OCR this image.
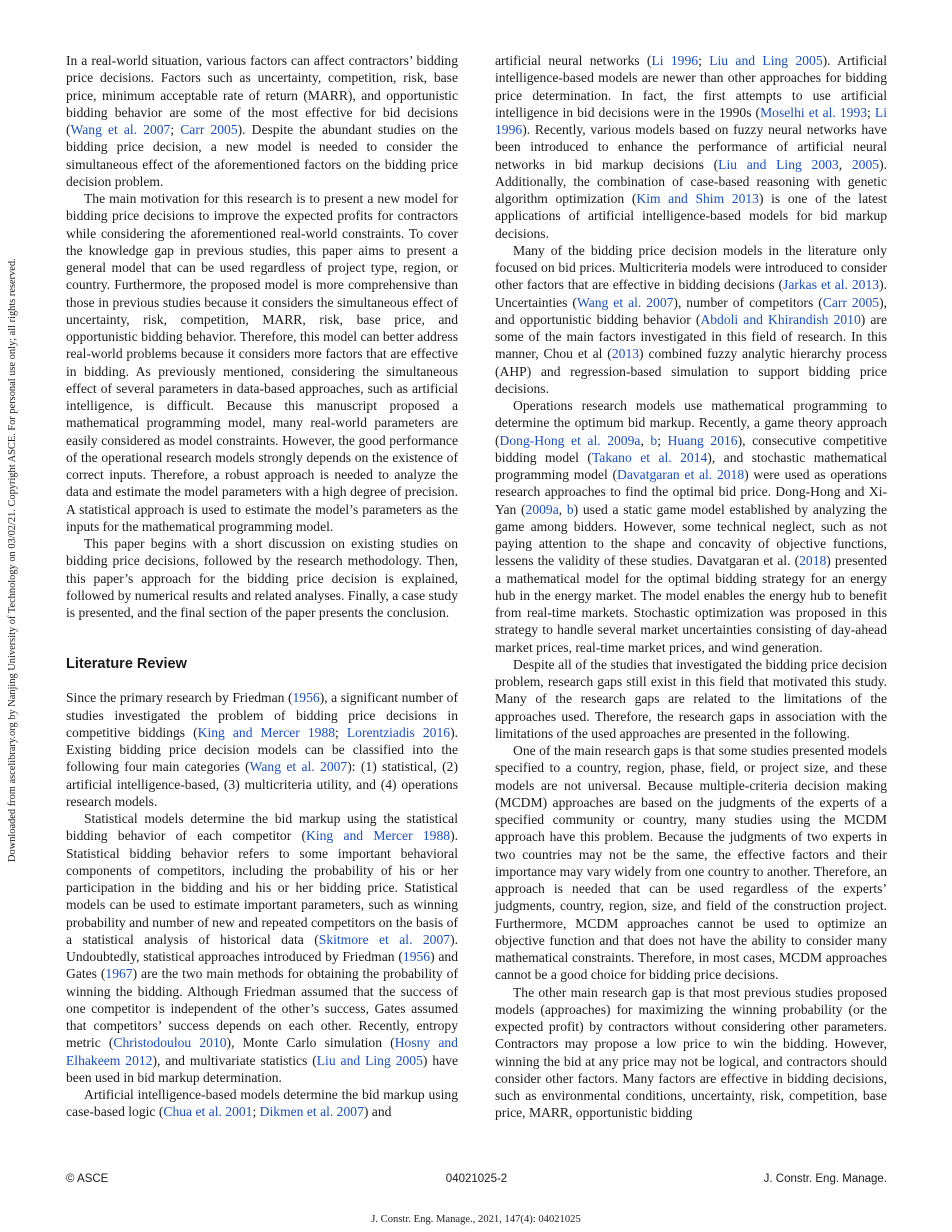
Downloaded from ascelibrary.org by Nanjing University of Technology on 03/02/21. Copyright ASCE. For personal use only; all rights reserved.

In a real-world situation, various factors can affect contractors’ bidding price decisions. Factors such as uncertainty, competition, risk, base price, minimum acceptable rate of return (MARR), and opportunistic bidding behavior are some of the most effective for bid decisions (Wang et al. 2007; Carr 2005). Despite the abundant studies on the bidding price decision, a new model is needed to consider the simultaneous effect of the aforementioned factors on the bidding price decision problem.

The main motivation for this research is to present a new model for bidding price decisions to improve the expected profits for contractors while considering the aforementioned real-world constraints. To cover the knowledge gap in previous studies, this paper aims to present a general model that can be used regardless of project type, region, or country. Furthermore, the proposed model is more comprehensive than those in previous studies because it considers the simultaneous effect of uncertainty, risk, competition, MARR, risk, base price, and opportunistic bidding behavior. Therefore, this model can better address real-world problems because it considers more factors that are effective in bidding. As previously mentioned, considering the simultaneous effect of several parameters in data-based approaches, such as artificial intelligence, is difficult. Because this manuscript proposed a mathematical programming model, many real-world parameters are easily considered as model constraints. However, the good performance of the operational research models strongly depends on the existence of correct inputs. Therefore, a robust approach is needed to analyze the data and estimate the model parameters with a high degree of precision. A statistical approach is used to estimate the model’s parameters as the inputs for the mathematical programming model.

This paper begins with a short discussion on existing studies on bidding price decisions, followed by the research methodology. Then, this paper’s approach for the bidding price decision is explained, followed by numerical results and related analyses. Finally, a case study is presented, and the final section of the paper presents the conclusion.

Literature Review

Since the primary research by Friedman (1956), a significant number of studies investigated the problem of bidding price decisions in competitive biddings (King and Mercer 1988; Lorentziadis 2016). Existing bidding price decision models can be classified into the following four main categories (Wang et al. 2007): (1) statistical, (2) artificial intelligence-based, (3) multicriteria utility, and (4) operations research models.

Statistical models determine the bid markup using the statistical bidding behavior of each competitor (King and Mercer 1988). Statistical bidding behavior refers to some important behavioral components of competitors, including the probability of his or her participation in the bidding and his or her bidding price. Statistical models can be used to estimate important parameters, such as winning probability and number of new and repeated competitors on the basis of a statistical analysis of historical data (Skitmore et al. 2007). Undoubtedly, statistical approaches introduced by Friedman (1956) and Gates (1967) are the two main methods for obtaining the probability of winning the bidding. Although Friedman assumed that the success of one competitor is independent of the other’s success, Gates assumed that competitors’ success depends on each other. Recently, entropy metric (Christodoulou 2010), Monte Carlo simulation (Hosny and Elhakeem 2012), and multivariate statistics (Liu and Ling 2005) have been used in bid markup determination.

Artificial intelligence-based models determine the bid markup using case-based logic (Chua et al. 2001; Dikmen et al. 2007) and

artificial neural networks (Li 1996; Liu and Ling 2005). Artificial intelligence-based models are newer than other approaches for bidding price determination. In fact, the first attempts to use artificial intelligence in bid decisions were in the 1990s (Moselhi et al. 1993; Li 1996). Recently, various models based on fuzzy neural networks have been introduced to enhance the performance of artificial neural networks in bid markup decisions (Liu and Ling 2003, 2005). Additionally, the combination of case-based reasoning with genetic algorithm optimization (Kim and Shim 2013) is one of the latest applications of artificial intelligence-based models for bid markup decisions.

Many of the bidding price decision models in the literature only focused on bid prices. Multicriteria models were introduced to consider other factors that are effective in bidding decisions (Jarkas et al. 2013). Uncertainties (Wang et al. 2007), number of competitors (Carr 2005), and opportunistic bidding behavior (Abdoli and Khirandish 2010) are some of the main factors investigated in this field of research. In this manner, Chou et al (2013) combined fuzzy analytic hierarchy process (AHP) and regression-based simulation to support bidding price decisions.

Operations research models use mathematical programming to determine the optimum bid markup. Recently, a game theory approach (Dong-Hong et al. 2009a, b; Huang 2016), consecutive competitive bidding model (Takano et al. 2014), and stochastic mathematical programming model (Davatgaran et al. 2018) were used as operations research approaches to find the optimal bid price. Dong-Hong and Xi-Yan (2009a, b) used a static game model established by analyzing the game among bidders. However, some technical neglect, such as not paying attention to the shape and concavity of objective functions, lessens the validity of these studies. Davatgaran et al. (2018) presented a mathematical model for the optimal bidding strategy for an energy hub in the energy market. The model enables the energy hub to benefit from real-time markets. Stochastic optimization was proposed in this strategy to handle several market uncertainties consisting of day-ahead market prices, real-time market prices, and wind generation.

Despite all of the studies that investigated the bidding price decision problem, research gaps still exist in this field that motivated this study. Many of the research gaps are related to the limitations of the approaches used. Therefore, the research gaps in association with the limitations of the used approaches are presented in the following.

One of the main research gaps is that some studies presented models specified to a country, region, phase, field, or project size, and these models are not universal. Because multiple-criteria decision making (MCDM) approaches are based on the judgments of the experts of a specified community or country, many studies using the MCDM approach have this problem. Because the judgments of two experts in two countries may not be the same, the effective factors and their importance may vary widely from one country to another. Therefore, an approach is needed that can be used regardless of the experts’ judgments, country, region, size, and field of the construction project. Furthermore, MCDM approaches cannot be used to optimize an objective function and that does not have the ability to consider many mathematical constraints. Therefore, in most cases, MCDM approaches cannot be a good choice for bidding price decisions.

The other main research gap is that most previous studies proposed models (approaches) for maximizing the winning probability (or the expected profit) by contractors without considering other parameters. Contractors may propose a low price to win the bidding. However, winning the bid at any price may not be logical, and contractors should consider other factors. Many factors are effective in bidding decisions, such as environmental conditions, uncertainty, risk, competition, base price, MARR, opportunistic bidding

© ASCE	04021025-2	J. Constr. Eng. Manage.
J. Constr. Eng. Manage., 2021, 147(4): 04021025
